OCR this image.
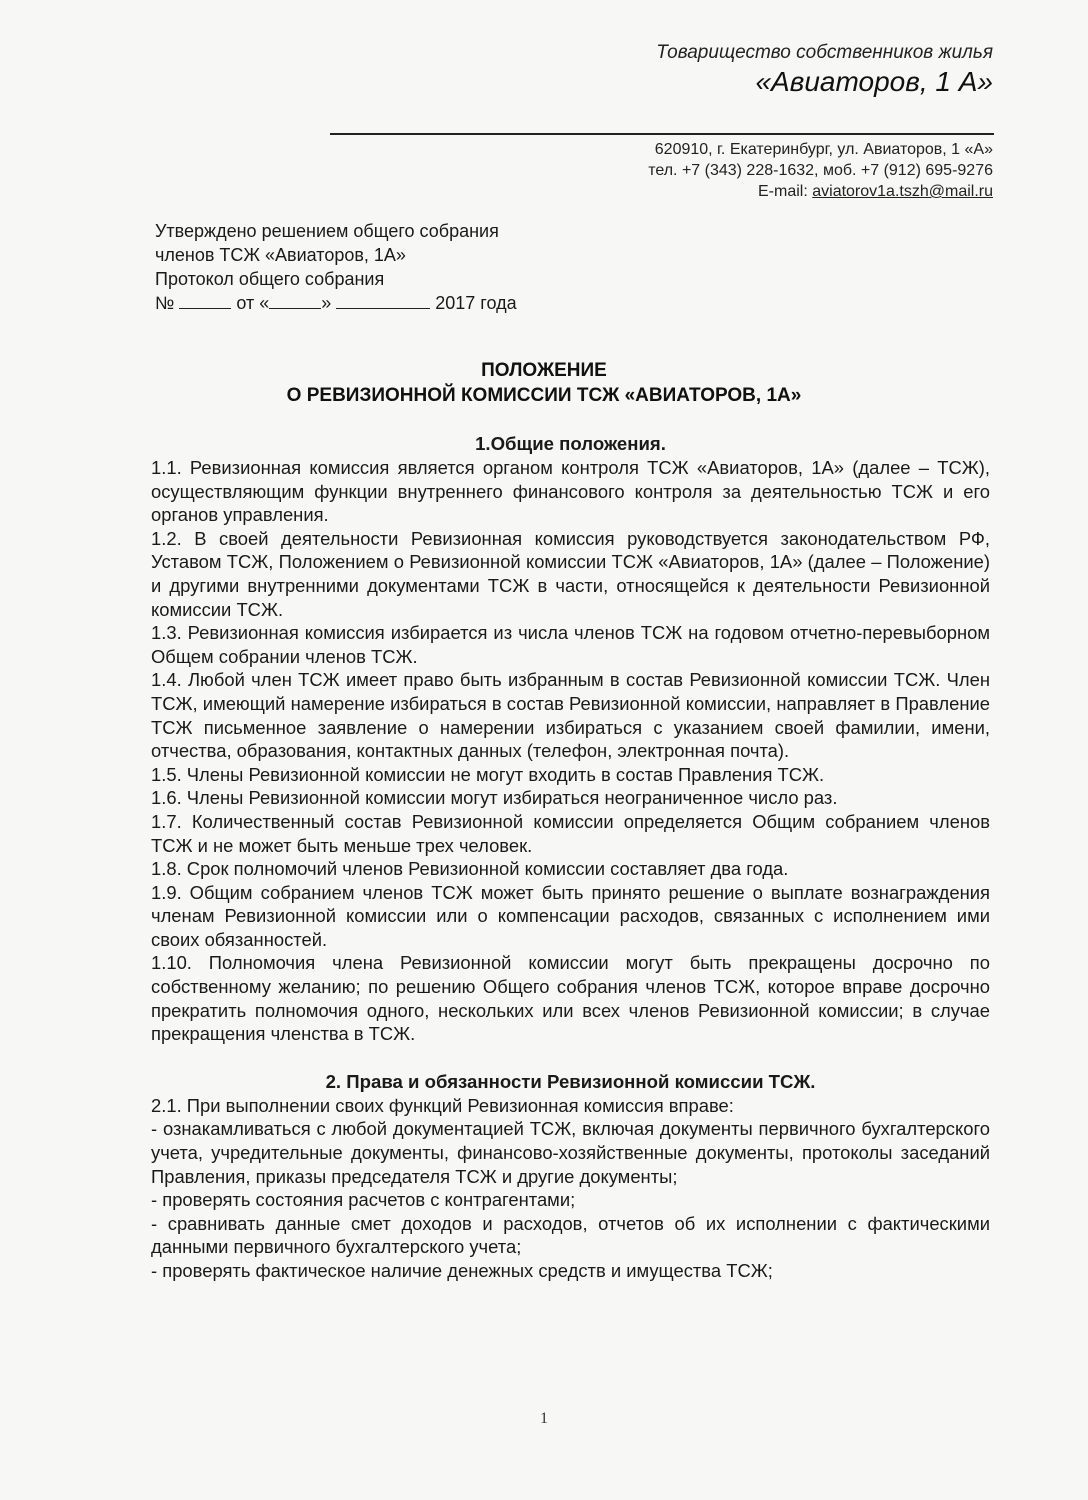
Товарищество собственников жилья
«Авиаторов, 1 А»
620910, г. Екатеринбург, ул. Авиаторов, 1 «А»
тел. +7 (343) 228-1632, моб. +7 (912) 695-9276
E-mail: aviatorov1a.tszh@mail.ru
Утверждено решением общего собрания
членов ТСЖ «Авиаторов, 1А»
Протокол общего собрания
№	от «	»	2017 года
ПОЛОЖЕНИЕ
О РЕВИЗИОННОЙ КОМИССИИ ТСЖ «АВИАТОРОВ, 1А»
1.Общие положения.
1.1. Ревизионная комиссия является органом контроля ТСЖ «Авиаторов, 1А» (далее – ТСЖ), осуществляющим функции внутреннего финансового контроля за деятельностью ТСЖ и его органов управления.
1.2. В своей деятельности Ревизионная комиссия руководствуется законодательством РФ, Уставом ТСЖ, Положением о Ревизионной комиссии ТСЖ «Авиаторов, 1А» (далее – Положение) и другими внутренними документами ТСЖ в части, относящейся к деятельности Ревизионной комиссии ТСЖ.
1.3. Ревизионная комиссия избирается из числа членов ТСЖ на годовом отчетно-перевыборном Общем собрании членов ТСЖ.
1.4. Любой член ТСЖ имеет право быть избранным в состав Ревизионной комиссии ТСЖ. Член ТСЖ, имеющий намерение избираться в состав Ревизионной комиссии, направляет в Правление ТСЖ письменное заявление о намерении избираться с указанием своей фамилии, имени, отчества, образования, контактных данных (телефон, электронная почта).
1.5. Члены Ревизионной комиссии не могут входить в состав Правления ТСЖ.
1.6. Члены Ревизионной комиссии могут избираться неограниченное число раз.
1.7. Количественный состав Ревизионной комиссии определяется Общим собранием членов ТСЖ и не может быть меньше трех человек.
1.8. Срок полномочий членов Ревизионной комиссии составляет два года.
1.9. Общим собранием членов ТСЖ может быть принято решение о выплате вознаграждения членам Ревизионной комиссии или о компенсации расходов, связанных с исполнением ими своих обязанностей.
1.10. Полномочия члена Ревизионной комиссии могут быть прекращены досрочно по собственному желанию; по решению Общего собрания членов ТСЖ, которое вправе досрочно прекратить полномочия одного, нескольких или всех членов Ревизионной комиссии; в случае прекращения членства в ТСЖ.
2. Права и обязанности Ревизионной комиссии ТСЖ.
2.1. При выполнении своих функций Ревизионная комиссия вправе:
- ознакамливаться с любой документацией ТСЖ, включая документы первичного бухгалтерского учета, учредительные документы, финансово-хозяйственные документы, протоколы заседаний Правления, приказы председателя ТСЖ и другие документы;
- проверять состояния расчетов с контрагентами;
- сравнивать данные смет доходов и расходов, отчетов об их исполнении с фактическими данными первичного бухгалтерского учета;
- проверять фактическое наличие денежных средств и имущества ТСЖ;
1
